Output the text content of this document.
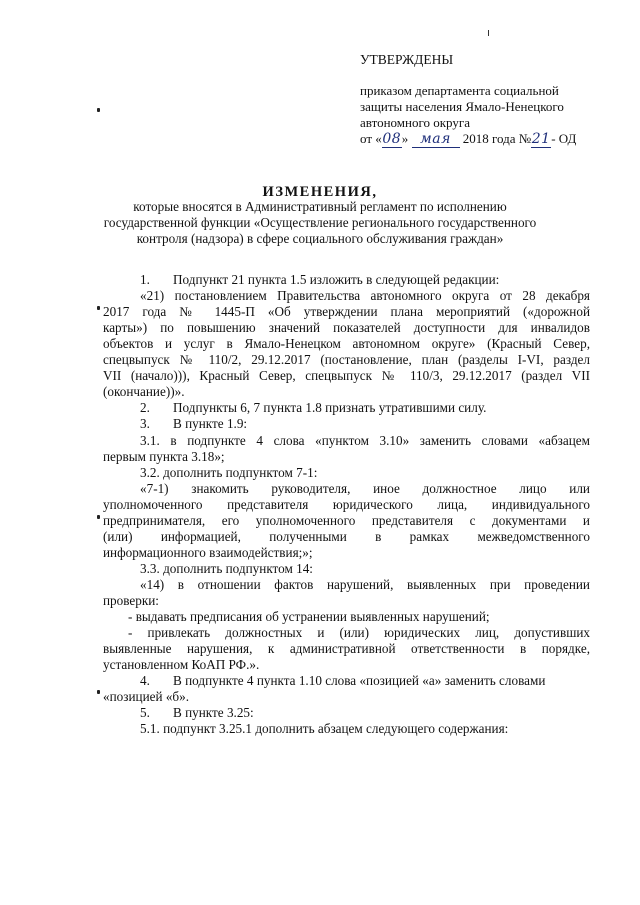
УТВЕРЖДЕНЫ

приказом департамента социальной

защиты населения Ямало-Ненецкого

автономного округа

от «08» мая 2018 года №21- ОД

ИЗМЕНЕНИЯ,

которые вносятся в Административный регламент по исполнению

государственной функции «Осуществление регионального государственного

контроля (надзора) в сфере социального обслуживания граждан»

1. Подпункт 21 пункта 1.5 изложить в следующей редакции:

«21) постановлением Правительства автономного округа от 28 декабря

2017 года № 1445-П «Об утверждении плана мероприятий («дорожной

карты») по повышению значений показателей доступности для инвалидов

объектов и услуг в Ямало-Ненецком автономном округе» (Красный Север,

спецвыпуск № 110/2, 29.12.2017 (постановление, план (разделы I-VI, раздел

VII (начало))), Красный Север, спецвыпуск № 110/3, 29.12.2017 (раздел VII

(окончание))».

2. Подпункты 6, 7 пункта 1.8 признать утратившими силу.

3. В пункте 1.9:

3.1. в подпункте 4 слова «пунктом 3.10» заменить словами «абзацем

первым пункта 3.18»;

3.2. дополнить подпунктом 7-1:

«7-1) знакомить руководителя, иное должностное лицо или

уполномоченного представителя юридического лица, индивидуального

предпринимателя, его уполномоченного представителя с документами и

(или) информацией, полученными в рамках межведомственного

информационного взаимодействия;»;

3.3. дополнить подпунктом 14:

«14) в отношении фактов нарушений, выявленных при проведении

проверки:

- выдавать предписания об устранении выявленных нарушений;

- привлекать должностных и (или) юридических лиц, допустивших

выявленные нарушения, к административной ответственности в порядке,

установленном КоАП РФ.».

4. В подпункте 4 пункта 1.10 слова «позицией «а» заменить словами

«позицией «б».

5. В пункте 3.25:

5.1. подпункт 3.25.1 дополнить абзацем следующего содержания:
